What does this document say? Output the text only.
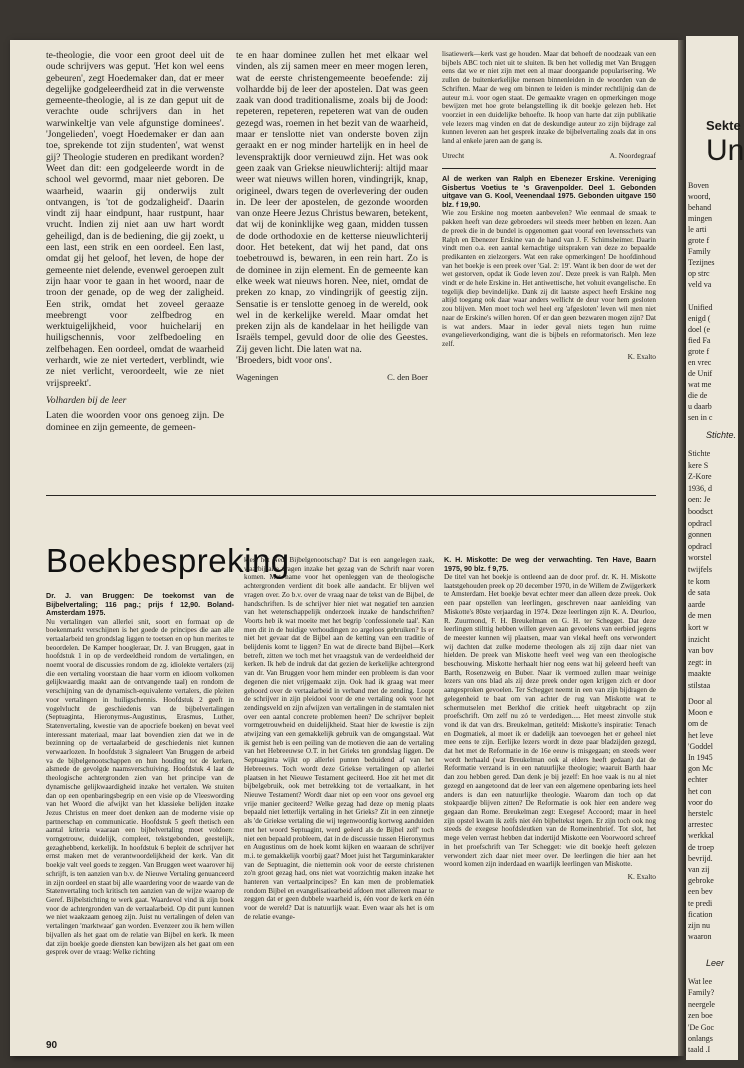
te-theologie, die voor een groot deel uit de oude schrijvers was geput. 'Het kon wel eens gebeuren', zegt Hoedemaker dan, dat er meer degelijke godgeleerdheid zat in die verwenste gemeente-theologie, al is ze dan geput uit de verachte oude schrijvers dan in het warwinkeltje van vele afgunstige dominees'. 'Jongelieden', voegt Hoedemaker er dan aan toe, sprekende tot zijn studenten', wat wenst gij? Theologie studeren en predikant worden? Weet dan dit: een godgeleerde wordt in de school wel gevormd, maar niet geboren. De waarheid, waarin gij onderwijs zult ontvangen, is 'tot de godzaligheid'. Daarin vindt zij haar eindpunt, haar rustpunt, haar vrucht. Indien zij niet aan uw hart wordt geheiligd, dan is de bediening, die gij zoekt, u een last, een strik en een oordeel. Een last, omdat gij het geloof, het leven, de hope der gemeente niet delende, evenwel geroepen zult zijn haar voor te gaan in het woord, naar de troon der genade, op de weg der zaligheid. Een strik, omdat het zoveel geraaze meebrengt voor zelfbedrog en werktuigelijkheid, voor huichelarij en huiligschennis, voor zelfbedoeling en zelfbehagen. Een oordeel, omdat de waarheid verhardt, wie ze niet vertedert, verblindt, wie ze niet verlicht, veroordeelt, wie ze niet vrijspreekt'.

Volharden bij de leer

Laten die woorden voor ons genoeg zijn. De dominee en zijn gemeente, de gemeen-

te en haar dominee zullen het met elkaar wel vinden, als zij samen meer en meer mogen leren, wat de eerste christengemeente beoefende: zij volhardde bij de leer der apostelen. Dat was geen zaak van dood traditionalisme, zoals bij de Jood: repeteren, repeteren, repeteren wat van de ouden gezegd was, roemen in het bezit van de waarheid, maar er tenslotte niet van onderste boven zijn geraakt en er nog minder hartelijk en in heel de levenspraktijk door vernieuwd zijn. Het was ook geen zaak van Griekse nieuwlichterij: altijd maar weer wat nieuws willen horen, vindingrijk, knap, origineel, dwars tegen de overlevering der ouden in. De leer der apostelen, de gezonde woorden van onze Heere Jezus Christus bewaren, betekent, dat wij de koninklijke weg gaan, midden tussen de dode orthodoxie en de ketterse nieuwlichterij door. Het betekent, dat wij het pand, dat ons toebetrouwd is, bewaren, in een rein hart. Zo is de dominee in zijn element. En de gemeente kan elke week wat nieuws horen. Nee, niet, omdat de preken zo knap, zo vindingrijk of geestig zijn. Sensatie is er tenslotte genoeg in de wereld, ook wel in de kerkelijke wereld. Maar omdat het preken zijn als de kandelaar in het heiligde van Israëls tempel, gevuld door de olie des Geestes. Zij geven licht. Die laten wat na.

'Broeders, bidt voor ons'.

Wageningen	C. den Boer

lisatiewerk—kerk vast ge houden. Maar dat behoeft de noodzaak van een bijbels ABC toch niet uit te sluiten. Ik ben het volledig met Van Bruggen eens dat we er niet zijn met een al maar doorgaande popularisering. We zullen de buitenkerkelijke mensen binnenleiden in de woorden van de Schriften. Maar de weg om binnen te leiden is minder rechtlijnig dan de auteur m.i. voor ogen staat. De gemaakte vragen en opmerkingen moge bewijzen met hoe grote belangstelling ik dit boekje gelezen heb. Het voorziet in een duidelijke behoefte. Ik hoop van harte dat zijn publikatie vele lezers mag vinden en dat de deskundige auteur zo zijn bijdrage zal kunnen leveren aan het gesprek inzake de bijbelvertaling zoals dat in ons land al enkele jaren aan de gang is.

Utrecht	A. Noordegraaf

Al de werken van Ralph en Ebenezer Erskine. Vereniging Gisbertus Voetius te 's Gravenpolder. Deel 1. Gebonden uitgave van G. Kool, Veenendaal 1975. Gebonden uitgave 150 blz. f 19,90.

Wie zou Erskine nog moeten aanbevelen? Wie eenmaal de smaak te pakken heeft van deze gebroeders wil steeds meer hebben en lezen. Aan de preek die in de bundel is opgenomen gaat vooraf een levensschets van Ralph en Ebenezer Erskine van de hand van J. F. Schimsheimer. Daarin vindt men o.a. een aantal kernachtige uitspraken van deze zo bepaalde predikanten en zielzorgers. Wat een rake opmerkingen! De hoofdinhoud van het boekje is een preek over 'Gal. 2: 19'. Want ik ben door de wet der wet gestorven, opdat ik Gode leven zou'. Deze preek is van Ralph. Men vindt er de hele Erskine in. Het antiwettische, het vohuit evangelische. En tegelijk diep bevindelijke. Dank zij dit laatste aspect heeft Erskine nog altijd toegang ook daar waar anders wellicht de deur voor hem gesloten zou blijven. Men moet toch wel heel erg 'afgesloten' leven wil men niet naar de Erskine's willen horen. Of er dan geen bezwaren mogen zijn? Dat is wat anders. Maar in ieder geval niets tegen hun ruime evangelieverkondiging, want die is bijbels en reformatorisch. Men leze zelf.

K. Exalto
Boekbespreking

Dr. J. van Bruggen: De toekomst van de Bijbelvertaling; 116 pag.; prijs f 12,90. Boland-Amsterdam 1975.

Nu vertalingen van allerlei snit, soort en formaat op de boekenmarkt verschijnen is het goede de principes die aan alle vertaalarbeid ten grondslag liggen te toetsen en op hun merites te beoordelen. De Kamper hoogleraar, Dr. J. van Bruggen, gaat in hoofdstuk 1 in op de verdeeldheid rondom de vertalingen, en noemt vooral de discussies rondom de zg. idiolekte vertalers (zij die een vertaling voorstaan die haar vorm en idioom volkomen gelijkwaardig maakt aan de ontvangende taal) en rondom de verschijning van de dynamisch-equivalente vertalers, die pleiten voor vertalingen in huiligschennis. Hoofdstuk 2 geeft in vogelvlucht de geschiedenis van de bijbelvertalingen (Septuaginta, Hieronymus-Augustinus, Erasmus, Luther, Statenvertaling, kwestie van de apocriefe boeken) en bevat veel interessant materiaal, maar laat bovendien zien dat we in de bezinning op de vertaalarbeid de geschiedenis niet kunnen verwaarlozen. In hoofdstuk 3 signaleert Van Bruggen de arbeid va de bijbelgenootschappen en hun houding tot de kerken, alsmede de gevolgde naamsverschuiving. Hoofdstuk 4 laat de theologische achtergronden zien van het principe van de dynamische gelijkwaardigheid inzake het vertalen. We stuiten dan op een openbaringsbegrip en een visie op de Vleeswording van het Woord die afwijkt van het klassieke belijden inzake Jezus Christus en meer doet denken aan de moderne visie op partnerschap en communicatie. Hoofdstuk 5 geeft thetisch een aantal kriteria waaraan een bijbelvertaling moet voldoen: vorngetrouw, duidelijk, compleet, tekstgebonden, geestelijk, gezaghebbend, kerkelijk. In hoofdstuk 6 bepleit de schrijver het ernst maken met de verantwoordelijkheid der kerk. Van dit boekje valt veel goeds te zeggen. Van Bruggen weet waarover hij schrijft, is ten aanzien van b.v. de Nieuwe Vertaling genuanceerd in zijn oordeel en staat bij alle waardering voor de waarde van de Statenvertaling toch kritisch ten aanzien van de wijze waarop de Geref. Bijbelstichting te werk gaat. Waardevol vind ik zijn boek voor de achtergronden van de vertaalarbeid. Op dit punt kunnen we niet waakzaam genoeg zijn. Juist nu vertalingen of delen van vertalingen 'marktwaar' gan worden. Evenzeer zou ik hem willen bijvallen als het gaat om de relatie van Bijbel en kerk. Ik meen dat zijn boekje goede diensten kan bewijzen als het gaat om een gesprek over de vraag: Welke richting

kiest het Ned. Bijbelgenootschap? Dat is een aangelegen zaak, waarbij alle vragen inzake het gezag van de Schrift naar voren komen. Met name voor het openleggen van de theologische achtergronden verdient dit boek alle aandacht. Er blijven wel vragen over. Zo b.v. over de vraag naar de tekst van de Bijbel, de handschriften. Is de schrijver hier niet wat negatief ten aanzien van het wetenschappelijk onderzoek inzake de handschriften? Voorts heb ik wat moeite met het begrip 'confessionele taal'. Kan men dit in de huidige verhoudingen zo argeloos gebruiken? Is er niet het gevaar dat de Bijbel aan de ketting van een traditie of belijdenis komt te liggen? En wat de directe band Bijbel—Kerk betreft, zitten we toch met het vraagstuk van de verdeeldheid der kerken. Ik heb de indruk dat dat gezien de kerkelijke achtergrond van dr. Van Bruggen voor hem minder een probleem is dan voor degenen die niet vrijgemaakt zijn. Ook had ik graag wat meer gehoord over de vertaalarbeid in verband met de zending. Loopt de schrijver in zijn pleidooi voor de ene vertaling ook voor het zendingsveld en zijn afwijzen van vertalingen in de stamtalen niet over een aantal concrete problemen heen? De schrijver bepleit vormgetrouwheid en duidelijkheid. Staat hier de kwestie is zijn atwijzing van een gemakkelijk gebruik van de omgangstaal. Wat ik gemist heb is een peiling van de motieven die aan de vertaling van het Hebreeuwse O.T. in het Grieks ten grondslag liggen. De Septuaginta wijkt op allerlei punten beduidend af van het Hebreeuws. Toch wordt deze Griekse vertalingen op allerlei plaatsen in het Nieuwe Testament geciteerd. Hoe zit het met dit bijbelgebruik, ook met betrekking tot de vertaalkant, in het Nieuwe Testament? Wordt daar niet op een voor ons gevoel erg vrije manier geciteerd? Welke gezag had deze op menig plaats bepaald niet letterlijk vertaling in het Grieks? Zit in een zinnetje als 'de Griekse vertaling die wij tegenwoordig kortweg aanduiden met het woord Septuagint, werd geëerd als de Bijbel zelf' toch niet een bepaald probleem, dat in de discussie tussen Hieronymus en Augustinus om de hoek komt kijken en waaraan de schrijver m.i. te gemakkelijk voorbij gaat? Moet juist het Targuminkarakter van de Septuagint, die niettemin ook voor de eerste christenen zo'n groot gezag had, ons niet wat voorzichtig maken inzake het hanteren van vertaalprincipes? En kan men de problematiek rondom Bijbel en evangelisatiearbeid afdoen met allereen maar te zeggen dat er geen dubbele waarheid is, één voor de kerk en één voor de wereld? Dat is natuurlijk waar. Even waar als het is om de relatie evange-

K. H. Miskotte: De weg der verwachting. Ten Have, Baarn 1975, 90 blz. f 9,75.

De titel van het boekje is ontleend aan de door prof. dr. K. H. Miskotte laatstgehouden preek op 20 december 1970, in de Willem de Zwijgerkerk te Amsterdam. Het boekje bevat echter meer dan alleen deze preek. Ook een paar opstellen van leerlingen, geschreven naar aanleiding van Miskotte's 80ste verjaardag in 1974. Deze leerlingen zijn K. A. Deurloo, R. Zuurmond, F. H. Breukelman en G. H. ter Schegget. Dat deze leerlingen stilttig hebben willen geven aan gevoelens van eerbied jegens de meester kunnen wij plaatsen, maar van vlekal heeft ons verwondert wij dachten dat zulke moderne theologen als zij zijn daar niet van hielden. De preek van Miskotte heeft veel weg van een theologische beschouwing. Miskotte herhaalt hier nog eens wat hij geleerd heeft van Barth, Rosenzweig en Buber. Naar ik vermoed zullen maar weinige lezers van ons blad als zij deze preek onder ogen krijgen zich er door aangesproken gevoelen. Ter Schegget neemt in een van zijn bijdragen de gelegenheid te baat om van achter de rug van Miskotte wat te schermutselen met Berkhof die critiek heeft uitgebracht op zijn proefschrift. Om zelf nu zó te verdedigen..... Het meest zinvolle stuk vond ik dat van drs. Breukelman, getiteld: Miskotte's inspiratie: Tenach en Dogmatiek, al moet ik er dadelijk aan toevoegen het er geheel niet mee eens te zijn. Eerlijke lezers wordt in deze paar bladzijden gezegd, dat het met de Reformatie in de 16e eeuw is misgegaan; en steeds weer wordt herhaald (wat Breukelman ook al elders heeft gedaan) dat de Reformatie verzand is in een natuurlijke theologie; waaruit Barth haar dan zou hebben gered. Dan denk je bij jezelf: En hoe vaak is nu al niet gezegd en aangetoond dat de leer van een algemene openbaring iets heel anders is dan een natuurlijke theologie. Waarom dan toch op dat stokpaardje blijven zitten? De Reformatie is ook hier een andere weg gegaan dan Rome. Breukelman zegt: Exegese! Accoord; maar in heel zijn opstel kwam ik zelfs niet één bijbeltekst tegen. Er zijn toch ook nog steeds de exegese hoofdsleutken van de Romeinenbrief. Tot slot, het mege velen verrast hebben dat indertijd Miskotte een Voorwoord schreef in het proefschrift van Ter Schegget: wie dit boekje heeft gelezen verwondert zich daar niet meer over. De leerlingen die hier aan het woord komen zijn inderdaad en waarlijk leerlingen van Miskotte.

K. Exalto
90
Sekte
Un
Boven
woord,
behand
mingen
le arti
grote f
Family
Tezijnes
op strc
veld va
Unified
enigd (
doel (e
fied Fa
grote f
en vrec
de Unif
wat me
die de
u daarb
sen in c
Stichte
kere S
Z-Kore
1936, d
oen: Je
boodsct
opdracl
gonnen
opdracl
worstel
twijfels
te kom
de sata
aarde
de men
kort w
inzicht
van bov
zegt: in
maakte
stilstaa
Door al
Moon e
om de
het leve
'Goddel
In 1945
gon Mc
echter
het con
voor do
herstelc
arrestec
werkkal
de troep
bevrijd.
van zij
gebroke
een bev
te predi
fication
zijn nu
waaron
Wat lee
Family?
neergele
zen boe
'De Goc
onlangs
taald .I
Stichte.
Leer
